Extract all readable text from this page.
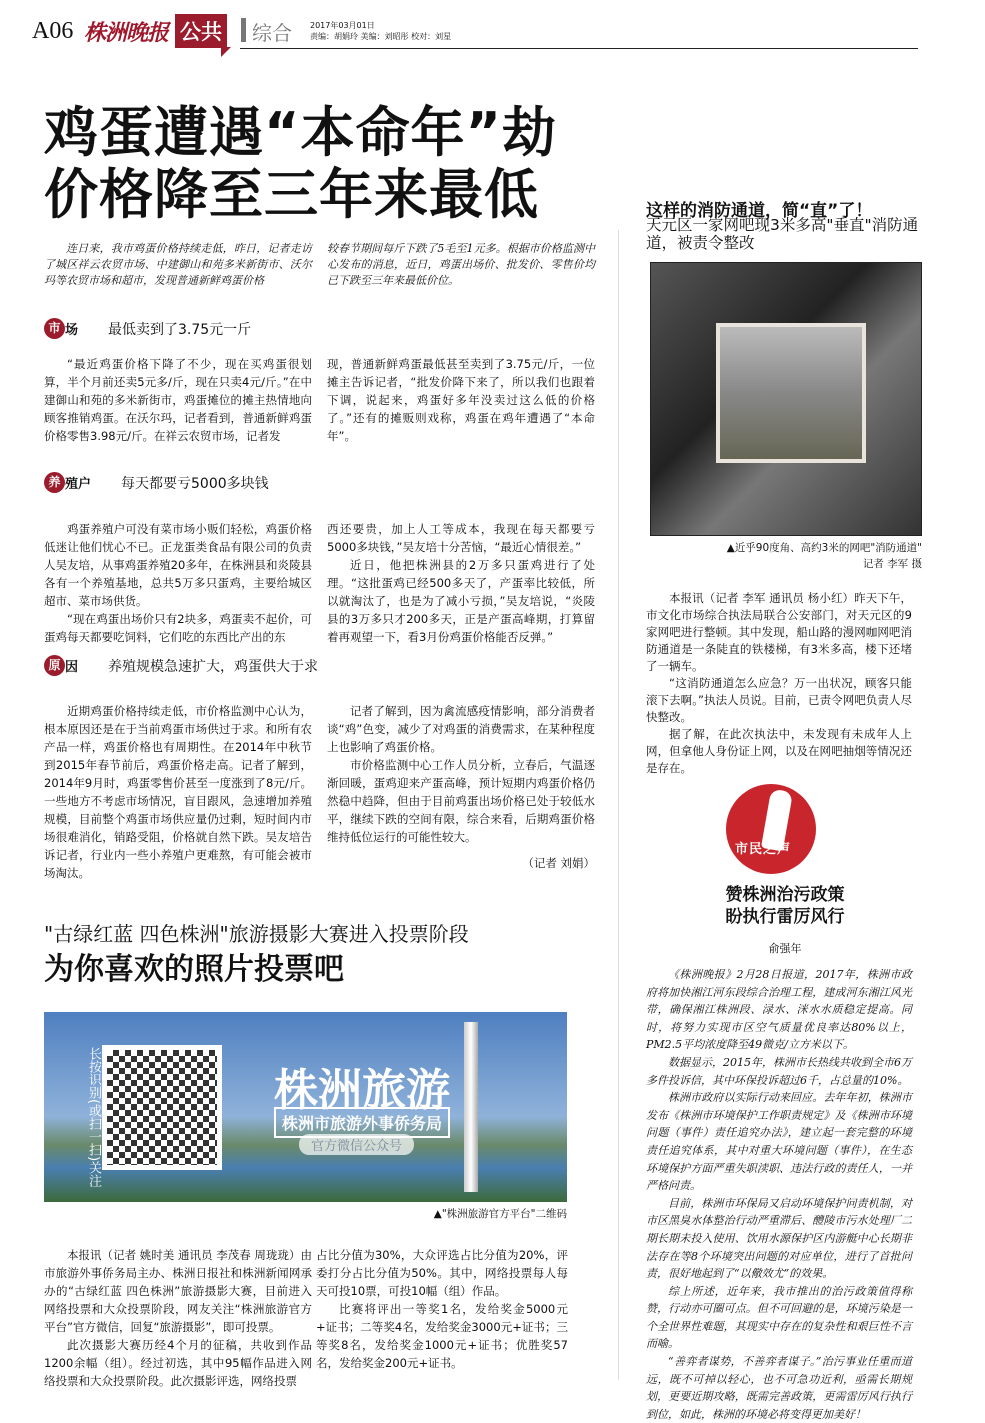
A06 株洲晚报 公共 综合 2017年03月01日
责编：胡娟玲 美编：刘昭彤 校对：刘星
鸡蛋遭遇“本命年”劫
价格降至三年来最低

连日来，我市鸡蛋价格持续走低，昨日，记者走访了城区祥云农贸市场、中建御山和苑多米新街市、沃尔玛等农贸市场和超市，发现普通新鲜鸡蛋价格

较春节期间每斤下跌了5毛至1元多。根据市价格监测中心发布的消息，近日，鸡蛋出场价、批发价、零售价均已下跌至三年来最低价位。
市 场 最低卖到了3.75元一斤

“最近鸡蛋价格下降了不少，现在买鸡蛋很划算，半个月前还卖5元多/斤，现在只卖4元/斤。”在中建御山和苑的多米新街市，鸡蛋摊位的摊主热情地向顾客推销鸡蛋。在沃尔玛，记者看到，普通新鲜鸡蛋价格零售3.98元/斤。在祥云农贸市场，记者发

现，普通新鲜鸡蛋最低甚至卖到了3.75元/斤，一位摊主告诉记者，“批发价降下来了，所以我们也跟着下调，说起来，鸡蛋好多年没卖过这么低的价格了。”还有的摊贩则戏称，鸡蛋在鸡年遭遇了“本命年”。
养 殖户 每天都要亏5000多块钱

鸡蛋养殖户可没有菜市场小贩们轻松，鸡蛋价格低迷让他们忧心不已。正龙蛋类食品有限公司的负责人吴友培，从事鸡蛋养殖20多年，在株洲县和炎陵县各有一个养殖基地，总共5万多只蛋鸡，主要给城区超市、菜市场供货。

“现在鸡蛋出场价只有2块多，鸡蛋卖不起价，可蛋鸡每天都要吃饲料，它们吃的东西比产出的东

西还要贵，加上人工等成本，我现在每天都要亏5000多块钱，”吴友培十分苦恼，“最近心情很差。”

近日，他把株洲县的2万多只蛋鸡进行了处理。“这批蛋鸡已经500多天了，产蛋率比较低，所以就淘汰了，也是为了减小亏损，”吴友培说，“炎陵县的3万多只才200多天，正是产蛋高峰期，打算留着再观望一下，看3月份鸡蛋价格能否反弹。”

原 因 养殖规模急速扩大，鸡蛋供大于求

近期鸡蛋价格持续走低，市价格监测中心认为，根本原因还是在于当前鸡蛋市场供过于求。和所有农产品一样，鸡蛋价格也有周期性。在2014年中秋节到2015年春节前后，鸡蛋价格走高。记者了解到，2014年9月时，鸡蛋零售价甚至一度涨到了8元/斤。一些地方不考虑市场情况，盲目跟风，急速增加养殖规模，目前整个鸡蛋市场供应量仍过剩，短时间内市场很难消化，销路受阻，价格就自然下跌。吴友培告诉记者，行业内一些小养殖户更难熬，有可能会被市场淘汰。

记者了解到，因为禽流感疫情影响，部分消费者谈“鸡”色变，减少了对鸡蛋的消费需求，在某种程度上也影响了鸡蛋价格。

市价格监测中心工作人员分析，立春后，气温逐渐回暖，蛋鸡迎来产蛋高峰，预计短期内鸡蛋价格仍然稳中趋降，但由于目前鸡蛋出场价格已处于较低水平，继续下跌的空间有限，综合来看，后期鸡蛋价格维持低位运行的可能性较大。

（记者 刘娟）
"古绿红蓝 四色株洲"旅游摄影大赛进入投票阶段
为你喜欢的照片投票吧
长按识别(或扫一扫)关注	株洲旅游
株洲市旅游外事侨务局
官方微信公众号
▲"株洲旅游官方平台"二维码

本报讯（记者 姚时美 通讯员 李茂春 周珑珑）由市旅游外事侨务局主办、株洲日报社和株洲新闻网承办的“古绿红蓝 四色株洲”旅游摄影大赛，目前进入网络投票和大众投票阶段，网友关注“株洲旅游官方平台”官方微信，回复“旅游摄影”，即可投票。

此次摄影大赛历经4个月的征稿，共收到作品1200余幅（组）。经过初选，其中95幅作品进入网络投票和大众投票阶段。此次摄影评选，网络投票

占比分值为30%，大众评选占比分值为20%，评委打分占比分值为50%。其中，网络投票每人每天可投10票，可投10幅（组）作品。

比赛将评出一等奖1名，发给奖金5000元+证书；二等奖4名，发给奖金3000元+证书；三等奖8名，发给奖金1000元+证书；优胜奖57名，发给奖金200元+证书。

这样的消防通道，简“直”了！
天元区一家网吧现3米多高"垂直"消防通道，被责令整改
▲近乎90度角、高约3米的网吧"消防通道"
记者 李军 摄

本报讯（记者 李军 通讯员 杨小红）昨天下午，市文化市场综合执法局联合公安部门，对天元区的9家网吧进行整顿。其中发现，船山路的漫网咖网吧消防通道是一条陡直的铁楼梯，有3米多高，楼下还堵了一辆车。

“这消防通道怎么应急？万一出状况，顾客只能滚下去啊。”执法人员说。目前，已责令网吧负责人尽快整改。

据了解，在此次执法中，未发现有未成年人上网，但拿他人身份证上网，以及在网吧抽烟等情况还是存在。

市民之声
赞株洲治污政策
盼执行雷厉风行
俞强年

《株洲晚报》2月28日报道，2017年，株洲市政府将加快湘江河东段综合治理工程，建成河东湘江风光带，确保湘江株洲段、渌水、洣水水质稳定提高。同时，将努力实现市区空气质量优良率达80%以上，PM2.5平均浓度降至49微克/立方米以下。

数据显示，2015年，株洲市长热线共收到全市6万多件投诉信，其中环保投诉超过6千，占总量的10%。

株洲市政府以实际行动来回应。去年年初，株洲市发布《株洲市环境保护工作职责规定》及《株洲市环境问题（事件）责任追究办法》，建立起一套完整的环境责任追究体系，其中对重大环境问题（事件），在生态环境保护方面严重失职渎职、违法行政的责任人，一并严格问责。

目前，株洲市环保局又启动环境保护问责机制，对市区黑臭水体整治行动严重滞后、醴陵市污水处理厂二期长期未投入使用、饮用水源保护区内游艇中心长期非法存在等8个环境突出问题的对应单位，进行了首批问责，很好地起到了“以儆效尤”的效果。

综上所述，近年来，我市推出的治污政策值得称赞，行动亦可圈可点。但不可回避的是，环境污染是一个全世界性难题，其现实中存在的复杂性和艰巨性不言而喻。

“善弈者谋势，不善弈者谋子。”治污事业任重而道远，既不可掉以轻心，也不可急功近利，亟需长期规划，更要近期攻略，既需完善政策，更需雷厉风行执行到位，如此，株洲的环境必将变得更加美好！
